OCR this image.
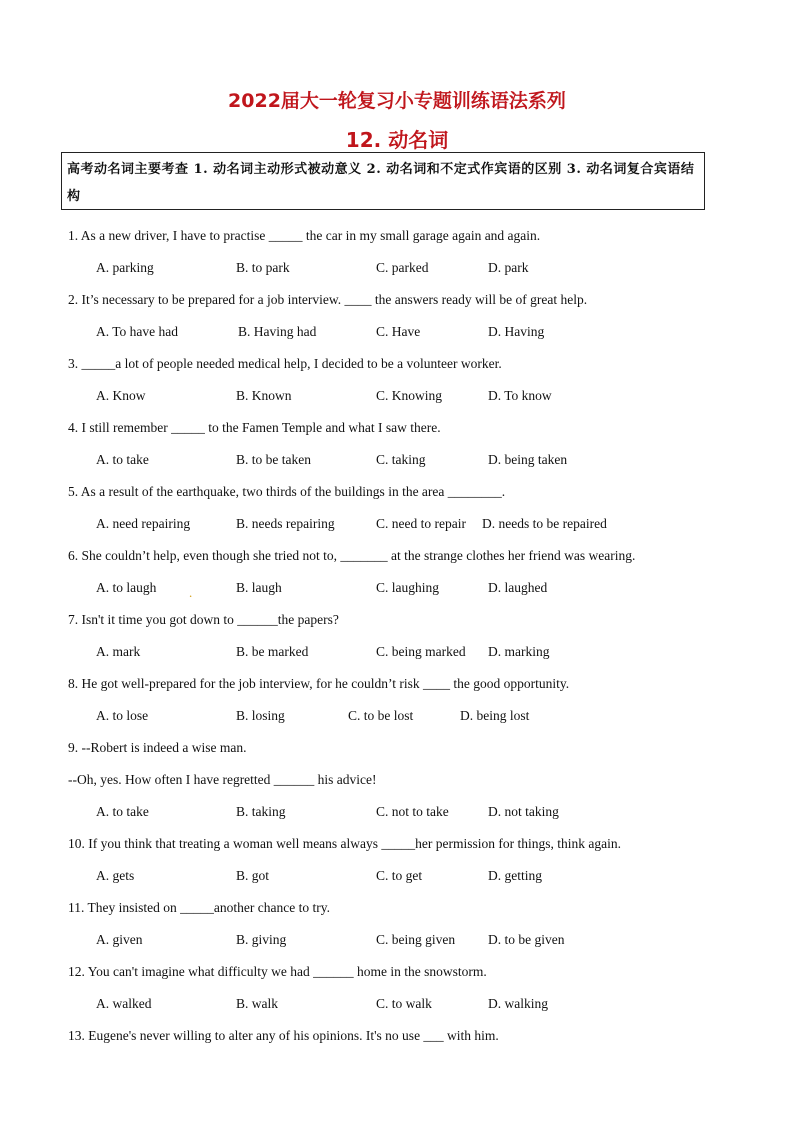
2022届大一轮复习小专题训练语法系列
12. 动名词
高考动名词主要考查 1. 动名词主动形式被动意义 2. 动名词和不定式作宾语的区别 3. 动名词复合宾语结构
1. As a new driver, I have to practise _____ the car in my small garage again and again.
A. parking	B. to park	C. parked	D. park
2. It’s necessary to be prepared for a job interview. ____ the answers ready will be of great help.
A. To have had	B. Having had	C. Have	D. Having
3. _____a lot of people needed medical help, I decided to be a volunteer worker.
A. Know	B. Known	C. Knowing	D. To know
4. I still remember _____ to the Famen Temple and what I saw there.
A. to take	B. to be taken	C. taking	D. being taken
5. As a result of the earthquake, two thirds of the buildings in the area ________.
A. need repairing	B. needs repairing	C. need to repair D. needs to be repaired
6. She couldn’t help, even though she tried not to, _______ at the strange clothes her friend was wearing.
A. to laugh	.	B. laugh	C. laughing	D. laughed
7. Isn't it time you got down to ______the papers?
A. mark	B. be marked	C. being marked D. marking
8. He got well-prepared for the job interview, for he couldn’t risk ____ the good opportunity.
A. to lose	B. losing	C. to be lost	D. being lost
9. --Robert is indeed a wise man.
--Oh, yes. How often I have regretted ______ his advice!
A. to take	B. taking	C. not to take	D. not taking
10. If you think that treating a woman well means always _____her permission for things, think again.
A. gets	B. got	C. to get	D. getting
11. They insisted on _____another chance to try.
A. given	B. giving	C. being given D. to be given
12. You can't imagine what difficulty we had ______ home in the snowstorm.
A. walked	B. walk	C. to walk	D. walking
13. Eugene's never willing to alter any of his opinions. It's no use ___ with him.
